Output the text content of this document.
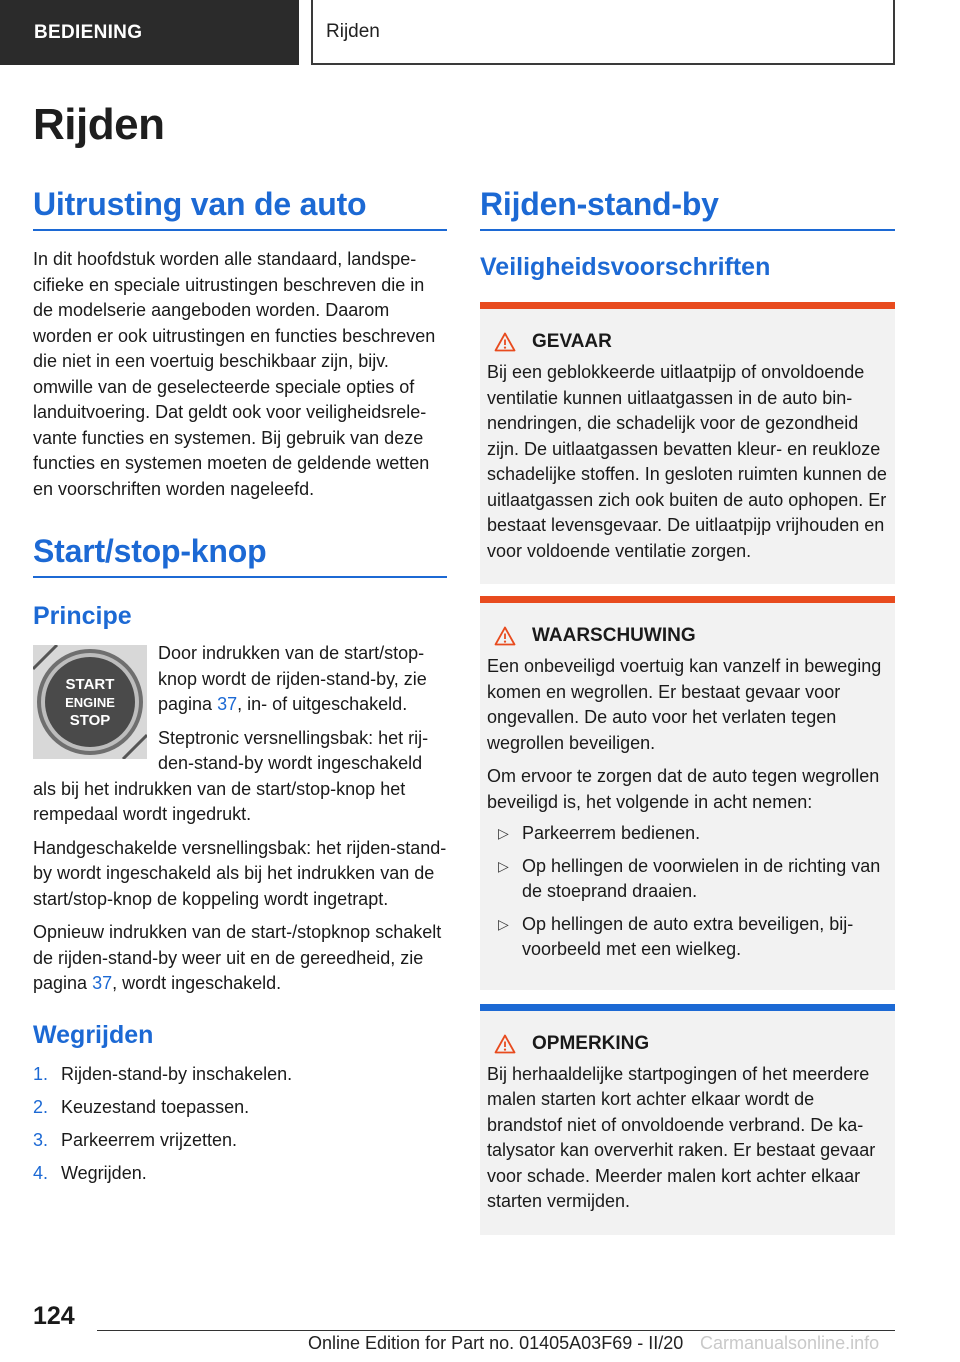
BEDIENING	Rijden
Rijden
Uitrusting van de auto

In dit hoofdstuk worden alle standaard, landspecifieke en speciale uitrustingen beschreven die in de modelserie aangeboden worden. Daarom worden er ook uitrustingen en functies beschreven die niet in een voertuig beschikbaar zijn, bijv. omwille van de geselecteerde speciale opties of landuitvoering. Dat geldt ook voor veiligheidsrelevante functies en systemen. Bij gebruik van deze functies en systemen moeten de geldende wetten en voorschriften worden nageleefd.

Start/stop-knop
Principe
START
ENGINE
STOP

Door indrukken van de start/stop-knop wordt de rijden-stand-by, zie pagina 37, in- of uitgeschakeld.

Steptronic versnellingsbak: het rijden-stand-by wordt ingeschakeld als bij het indrukken van de start/stop-knop het rempedaal wordt ingedrukt.

Handgeschakelde versnellingsbak: het rijden-stand-by wordt ingeschakeld als bij het indrukken van de start/stop-knop de koppeling wordt ingetrapt.

Opnieuw indrukken van de start-/stopknop schakelt de rijden-stand-by weer uit en de gereedheid, zie pagina 37, wordt ingeschakeld.

Wegrijden
1. Rijden-stand-by inschakelen.
2. Keuzestand toepassen.
3. Parkeerrem vrijzetten.
4. Wegrijden.
Rijden-stand-by
Veiligheidsvoorschriften
GEVAAR

Bij een geblokkeerde uitlaatpijp of onvoldoende ventilatie kunnen uitlaatgassen in de auto binnendringen, die schadelijk voor de gezondheid zijn. De uitlaatgassen bevatten kleur- en reukloze schadelijke stoffen. In gesloten ruimten kunnen de uitlaatgassen zich ook buiten de auto ophopen. Er bestaat levensgevaar. De uitlaatpijp vrijhouden en voor voldoende ventilatie zorgen.

WAARSCHUWING

Een onbeveiligd voertuig kan vanzelf in beweging komen en wegrollen. Er bestaat gevaar voor ongevallen. De auto voor het verlaten tegen wegrollen beveiligen.

Om ervoor te zorgen dat de auto tegen wegrollen beveiligd is, het volgende in acht nemen:

▷ Parkeerrem bedienen.
▷ Op hellingen de voorwielen in de richting van de stoeprand draaien.
▷ Op hellingen de auto extra beveiligen, bijvoorbeeld met een wielkeg.
OPMERKING

Bij herhaaldelijke startpogingen of het meerdere malen starten kort achter elkaar wordt de brandstof niet of onvoldoende verbrand. De katalysator kan oververhit raken. Er bestaat gevaar voor schade. Meerder malen kort achter elkaar starten vermijden.

124
Online Edition for Part no. 01405A03F69 - II/20 Carmanualsonline.info
